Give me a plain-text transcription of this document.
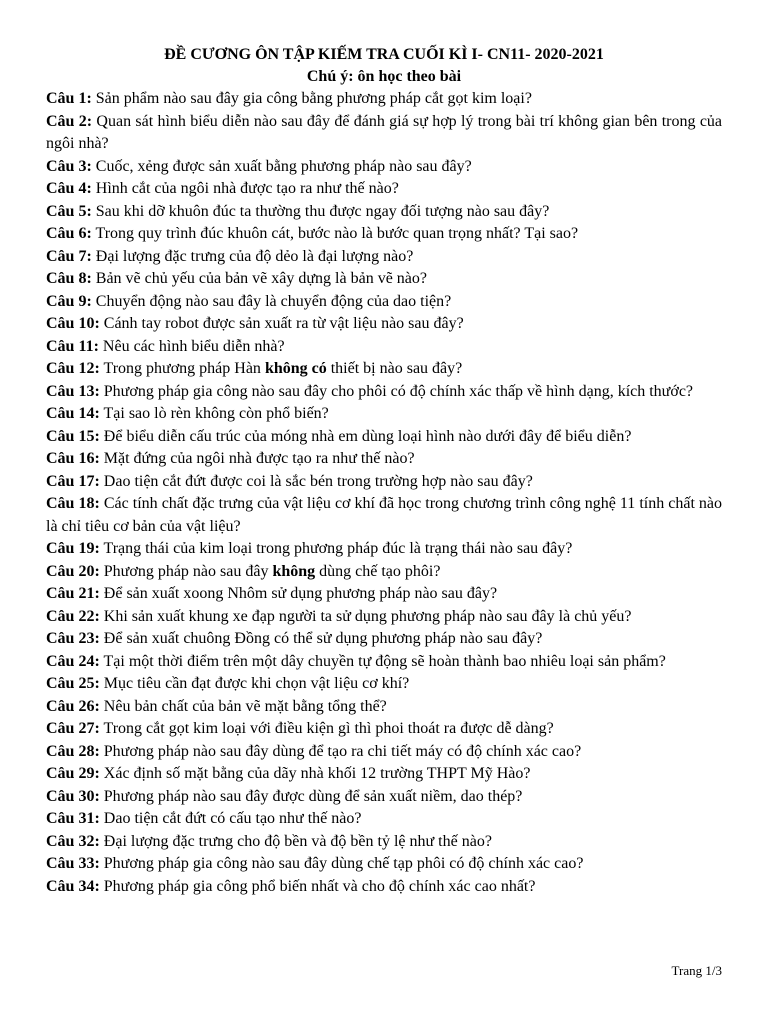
ĐỀ CƯƠNG ÔN TẬP KIẾM TRA CUỐI KÌ I- CN11- 2020-2021

Chú ý: ôn học theo bài

Câu 1: Sản phẩm nào sau đây gia công bằng phương pháp cắt gọt kim loại?

Câu 2: Quan sát hình biểu diễn nào sau đây để đánh giá sự hợp lý trong bài trí không gian bên trong của ngôi nhà?

Câu 3: Cuốc, xẻng được sản xuất bằng phương pháp nào sau đây?

Câu 4: Hình cắt của ngôi nhà được tạo ra như thế nào?

Câu 5: Sau khi dỡ khuôn đúc ta thường thu được ngay đối tượng nào sau đây?

Câu 6: Trong quy trình đúc khuôn cát, bước nào là bước quan trọng nhất? Tại sao?

Câu 7: Đại lượng đặc trưng của độ dẻo là đại lượng nào?

Câu 8: Bản vẽ chủ yếu của bản vẽ xây dựng là bản vẽ nào?

Câu 9: Chuyển động nào sau đây là chuyển động của dao tiện?

Câu 10: Cánh tay robot được sản xuất ra từ vật liệu nào sau đây?

Câu 11: Nêu các hình biểu diễn nhà?

Câu 12: Trong phương pháp Hàn không có thiết bị nào sau đây?

Câu 13: Phương pháp gia công nào sau đây cho phôi có độ chính xác thấp về hình dạng, kích thước?

Câu 14: Tại sao lò rèn không còn phổ biến?

Câu 15: Để biểu diễn cấu trúc của móng nhà em dùng loại hình nào dưới đây để biểu diễn?

Câu 16: Mặt đứng của ngôi nhà được tạo ra như thế nào?

Câu 17: Dao tiện cắt đứt được coi là sắc bén trong trường hợp nào sau đây?

Câu 18: Các tính chất đặc trưng của vật liệu cơ khí đã học trong chương trình công nghệ 11 tính chất nào là chỉ tiêu cơ bản của vật liệu?

Câu 19: Trạng thái của kim loại trong phương pháp đúc là trạng thái nào sau đây?

Câu 20: Phương pháp nào sau đây không dùng chế tạo phôi?

Câu 21: Để sản xuất xoong Nhôm sử dụng phương pháp nào sau đây?

Câu 22: Khi sản xuất khung xe đạp người ta sử dụng phương pháp nào sau đây là chủ yếu?

Câu 23: Để sản xuất chuông Đồng có thể sử dụng phương pháp nào sau đây?

Câu 24: Tại một thời điểm trên một dây chuyền tự động sẽ hoàn thành bao nhiêu loại sản phẩm?

Câu 25: Mục tiêu cần đạt được khi chọn vật liệu cơ khí?

Câu 26: Nêu bản chất của bản vẽ mặt bằng tổng thể?

Câu 27: Trong cắt gọt kim loại với điều kiện gì thì phoi thoát ra được dễ dàng?

Câu 28: Phương pháp nào sau đây dùng để tạo ra chi tiết máy có độ chính xác cao?

Câu 29: Xác định số mặt bằng của dãy nhà khối 12 trường THPT Mỹ Hào?

Câu 30: Phương pháp nào sau đây được dùng để sản xuất niềm, dao thép?

Câu 31: Dao tiện cắt đứt có cấu tạo như thế nào?

Câu 32: Đại lượng đặc trưng cho độ bền và độ bền tỷ lệ như thế nào?

Câu 33: Phương pháp gia công nào sau đây dùng chế tạp phôi có độ chính xác cao?

Câu 34: Phương pháp gia công phổ biến nhất và cho độ chính xác cao nhất?

Trang 1/3
